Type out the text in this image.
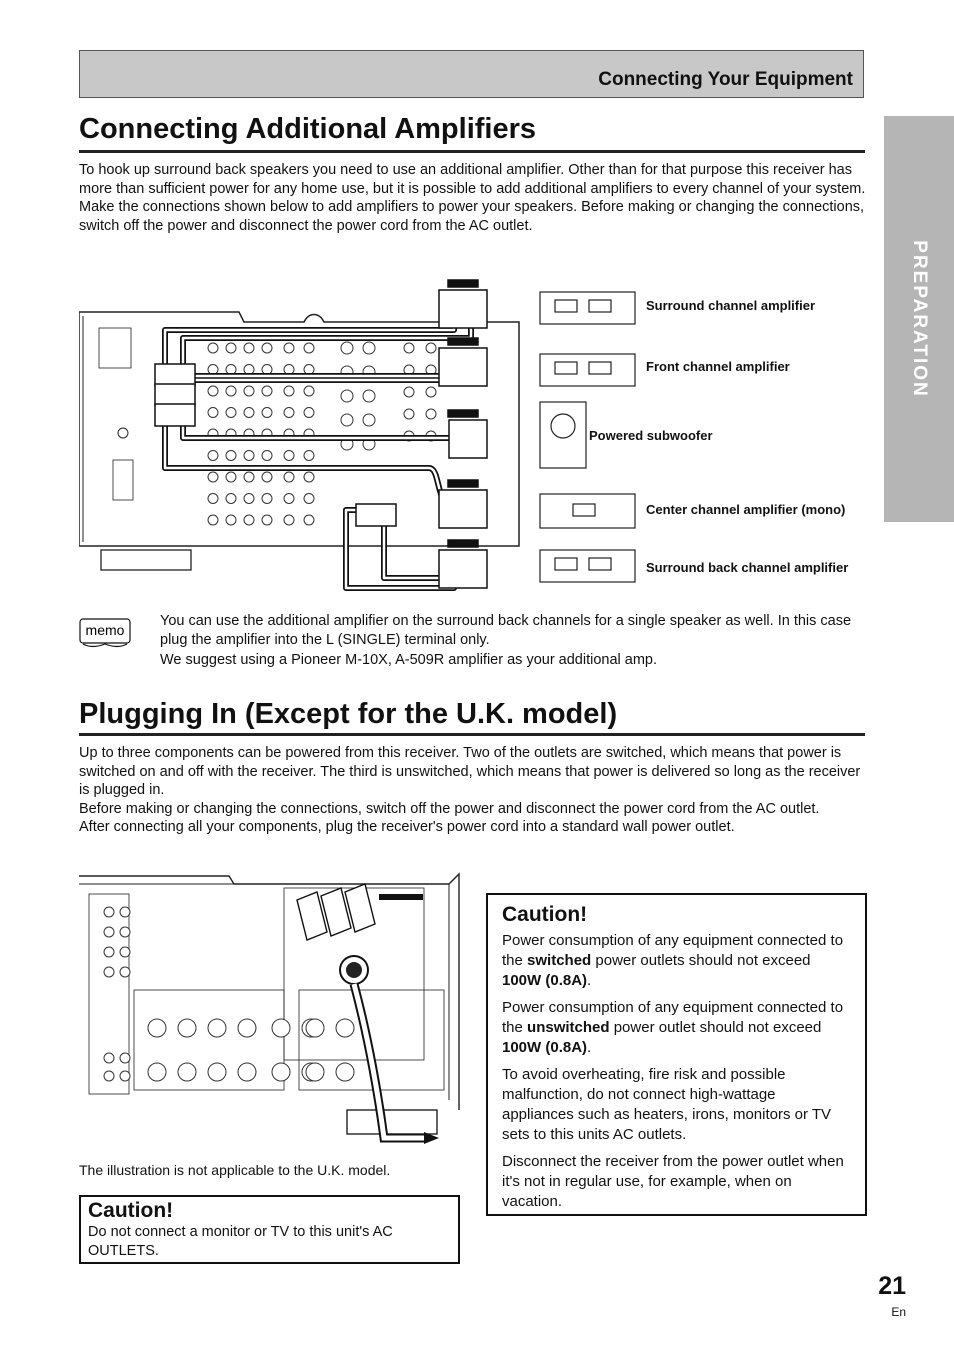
Connecting Your Equipment
PREPARATION
Connecting Additional Amplifiers

To hook up surround back speakers you need to use an additional amplifier. Other than for that purpose this receiver has more than sufficient power for any home use, but it is possible to add additional amplifiers to every channel of your system. Make the connections shown below to add amplifiers to power your speakers. Before making or changing the connections, switch off the power and disconnect the power cord from the AC outlet.

Surround channel amplifier
Front channel amplifier
Powered subwoofer
Center channel amplifier (mono)
Surround back channel amplifier
memo

You can use the additional amplifier on the surround back channels for a single speaker as well. In this case plug the amplifier into the L (SINGLE) terminal only.

We suggest using a Pioneer M-10X, A-509R amplifier as your additional amp.

Plugging In (Except for the U.K. model)

Up to three components can be powered from this receiver. Two of the outlets are switched, which means that power is switched on and off with the receiver. The third is unswitched, which means that power is delivered so long as the receiver is plugged in.

Before making or changing the connections, switch off the power and disconnect the power cord from the AC outlet.

After connecting all your components, plug the receiver's power cord into a standard wall power outlet.

The illustration is not applicable to the U.K. model.
Caution!

Do not connect a monitor or TV to this unit's AC OUTLETS.

Caution!

Power consumption of any equipment connected to the switched power outlets should not exceed 100W (0.8A).

Power consumption of any equipment connected to the unswitched power outlet should not exceed 100W (0.8A).

To avoid overheating, fire risk and possible malfunction, do not connect high-wattage appliances such as heaters, irons, monitors or TV sets to this units AC outlets.

Disconnect the receiver from the power outlet when it's not in regular use, for example, when on vacation.

21
En
